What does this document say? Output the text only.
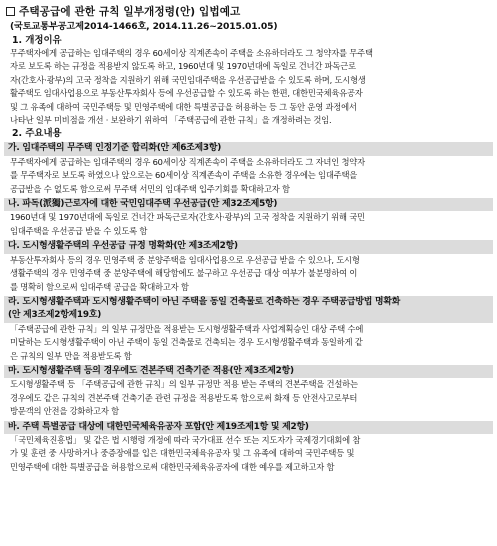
주택공급에 관한 규칙 일부개정령(안) 입법예고
(국토교통부공고제2014-1466호, 2014.11.26~2015.01.05)
1. 개정이유

무주택자에게 공급하는 임대주택의 경우 60세이상 직계존속이 주택을 소유하더라도 그 청약자를 무주택
자로 보도록 하는 규정을 적용받지 않도록 하고, 1960년대 및 1970년대에 독일로 건너간 파독근로
자(간호사·광부)의 고국 정착을 지원하기 위해 국민임대주택을 우선공급받을 수 있도록 하며, 도시형생
활주택도 임대사업용으로 부동산투자회사 등에 우선공급할 수 있도록 하는 한편, 대한민국체육유공자
및 그 유족에 대하여 국민주택등 및 민영주택에 대한 특별공급을 허용하는 등 그 동안 운영 과정에서
나타난 일부 미비점을 개선 · 보완하기 위하여 「주택공급에 관한 규칙」을 개정하려는 것임.

2. 주요내용
가. 임대주택의 무주택 인정기준 합리화(안 제6조제3항)

무주택자에게 공급하는 임대주택의 경우 60세이상 직계존속이 주택을 소유하더라도 그 자녀인 청약자
를 무주택자로 보도록 하였으나 앞으로는 60세이상 직계존속이 주택을 소유한 경우에는 임대주택을
공급받을 수 없도록 함으로써 무주택 서민의 임대주택 입주기회를 확대하고자 함

나. 파독(派獨)근로자에 대한 국민임대주택 우선공급(안 제32조제5항)

1960년대 및 1970년대에 독일로 건너간 파독근로자(간호사·광부)의 고국 정착을 지원하기 위해 국민
임대주택을 우선공급 받을 수 있도록 함

다. 도시형생활주택의 우선공급 규정 명확화(안 제3조제2항)

부동산투자회사 등의 경우 민영주택 중 분양주택을 임대사업용으로 우선공급 받을 수 있으나, 도시형
생활주택의 경우 민영주택 중 분양주택에 해당함에도 불구하고 우선공급 대상 여부가 불분명하여 이
를 명확히 함으로써 임대주택 공급을 확대하고자 함

라. 도시형생활주택과 도시형생활주택이 아닌 주택을 동일 건축물로 건축하는 경우 주택공급방법 명확화
(안 제3조제2항제19호)

「주택공급에 관한 규칙」의 일부 규정만을 적용받는 도시형생활주택과 사업계획승인 대상 주택 수에
미달하는 도시형생활주택이 아닌 주택이 동일 건축물로 건축되는 경우 도시형생활주택과 동일하게 같
은 규칙의 일부 만을 적용받도록 함

마. 도시형생활주택 등의 경우에도 견본주택 건축기준 적용(안 제3조제2항)

도시형생활주택 등 「주택공급에 관한 규칙」의 일부 규정만 적용 받는 주택의 견본주택을 건설하는
경우에도 같은 규칙의 견본주택 건축기준 관련 규정을 적용받도록 함으로써 화재 등 안전사고로부터
방문객의 안전을 강화하고자 함

바. 주택 특별공급 대상에 대한민국체육유공자 포함(안 제19조제1항 및 제2항)

「국민체육진흥법」 및 같은 법 시행령 개정에 따라 국가대표 선수 또는 지도자가 국제경기대회에 참
가 및 훈련 중 사망하거나 중증장애를 입은 대한민국체육유공자 및 그 유족에 대하여 국민주택등 및
민영주택에 대한 특별공급을 허용함으로써 대한민국체육유공자에 대한 예우를 제고하고자 함
